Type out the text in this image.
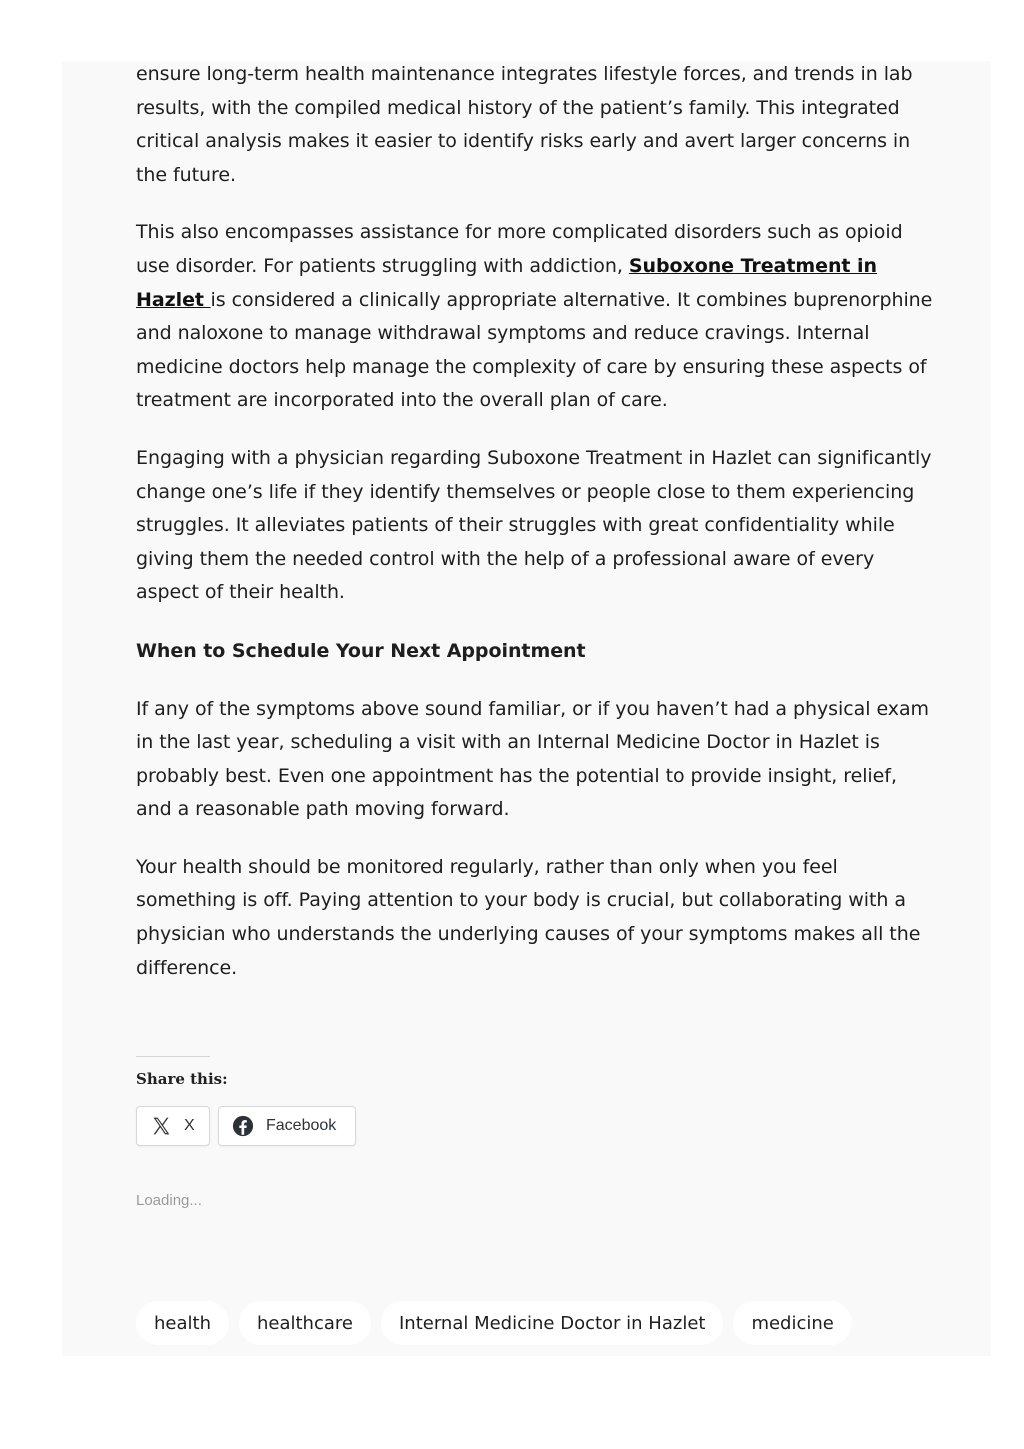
ensure long-term health maintenance integrates lifestyle forces, and trends in lab results, with the compiled medical history of the patient’s family. This integrated critical analysis makes it easier to identify risks early and avert larger concerns in the future.

This also encompasses assistance for more complicated disorders such as opioid use disorder. For patients struggling with addiction, Suboxone Treatment in Hazlet is considered a clinically appropriate alternative. It combines buprenorphine and naloxone to manage withdrawal symptoms and reduce cravings. Internal medicine doctors help manage the complexity of care by ensuring these aspects of treatment are incorporated into the overall plan of care.

Engaging with a physician regarding Suboxone Treatment in Hazlet can significantly change one’s life if they identify themselves or people close to them experiencing struggles. It alleviates patients of their struggles with great confidentiality while giving them the needed control with the help of a professional aware of every aspect of their health.

When to Schedule Your Next Appointment

If any of the symptoms above sound familiar, or if you haven’t had a physical exam in the last year, scheduling a visit with an Internal Medicine Doctor in Hazlet is probably best. Even one appointment has the potential to provide insight, relief, and a reasonable path moving forward.

Your health should be monitored regularly, rather than only when you feel something is off. Paying attention to your body is crucial, but collaborating with a physician who understands the underlying causes of your symptoms makes all the difference.

Share this:
X	Facebook
Loading...
health	healthcare	Internal Medicine Doctor in Hazlet	medicine
